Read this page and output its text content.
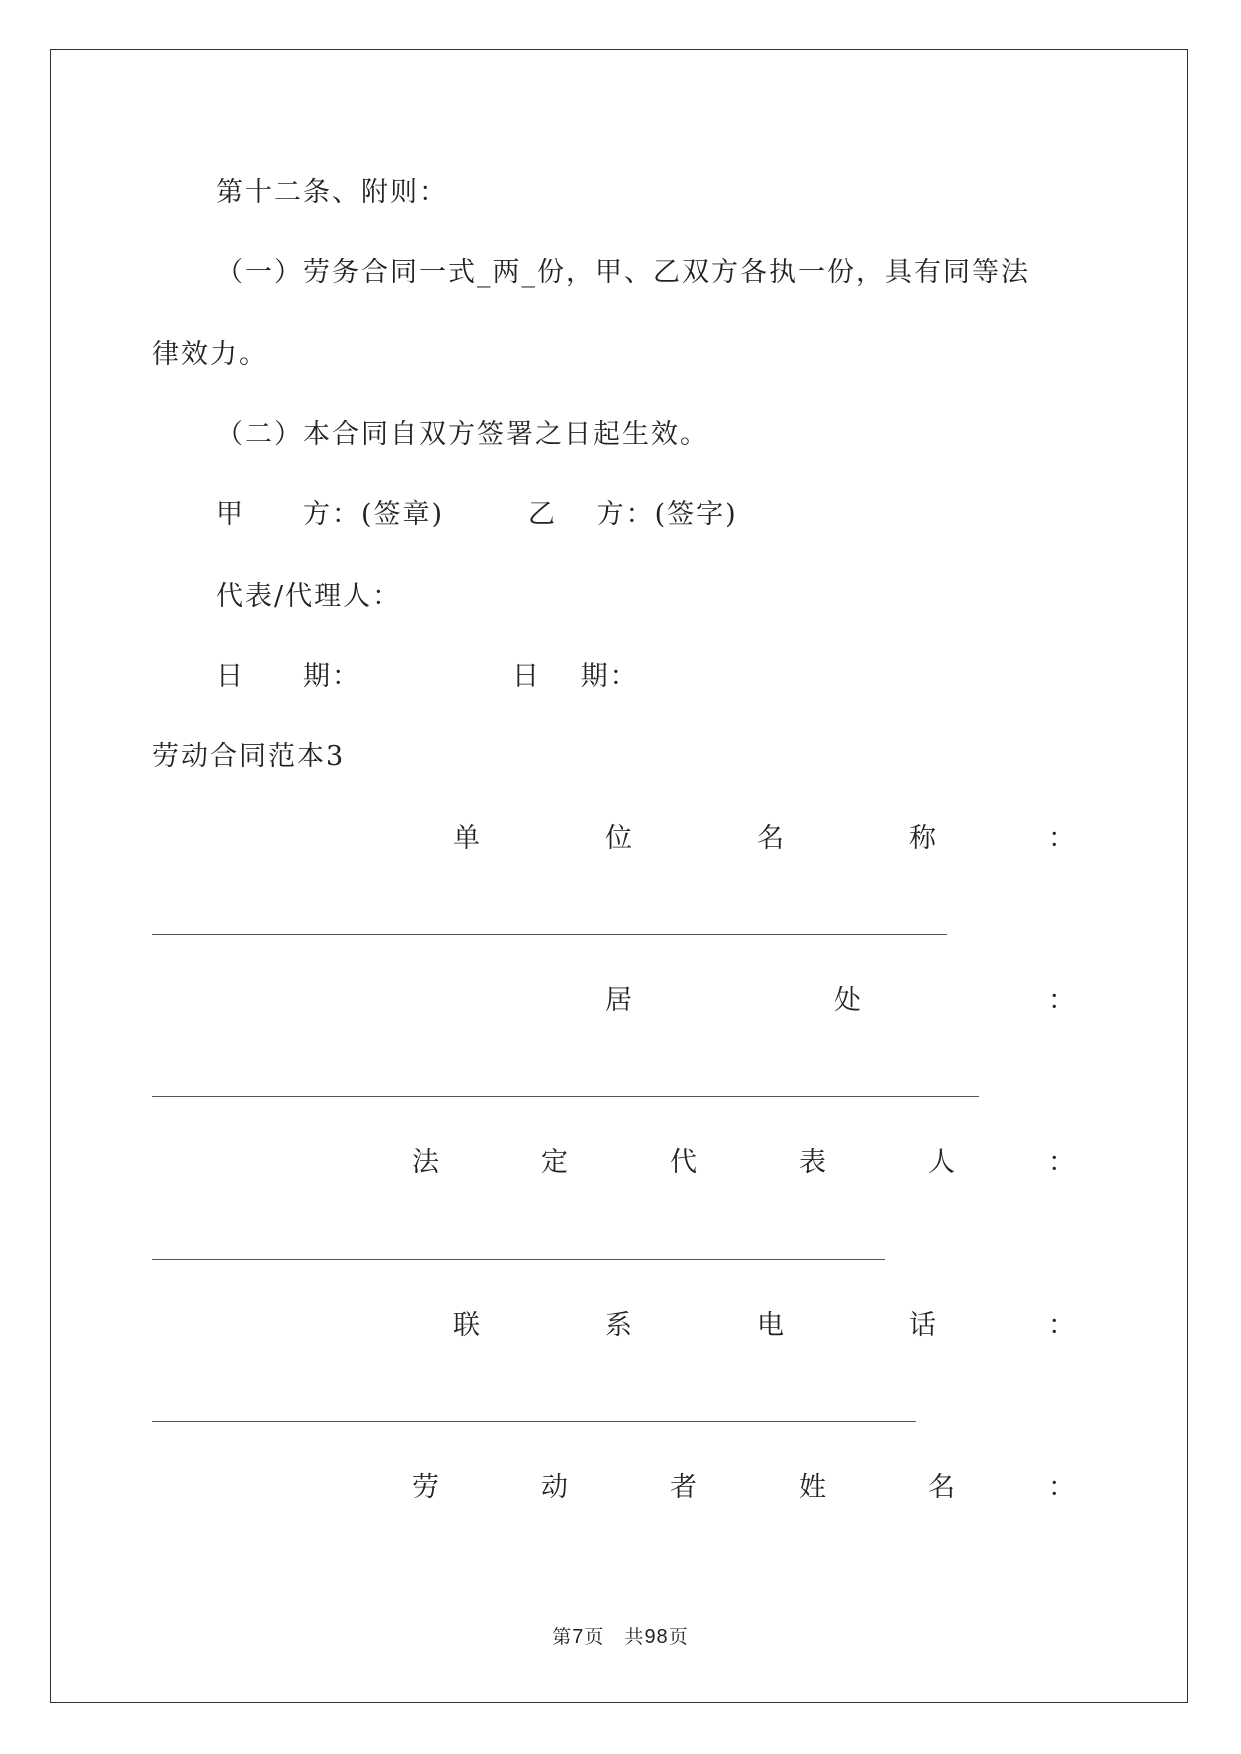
第十二条、附则：
（一）劳务合同一式_两_份，甲、乙双方各执一份，具有同等法
律效力。
（二）本合同自双方签署之日起生效。
甲　　方：(签章)	乙　 方：(签字)
代表/代理人：
日　　期：	日　 期：
劳动合同范本3
单	位	名	称	：
居	处	：
法	定	代	表	人	：
联	系	电	话	：
劳	动	者	姓	名	：
第7页　共98页
